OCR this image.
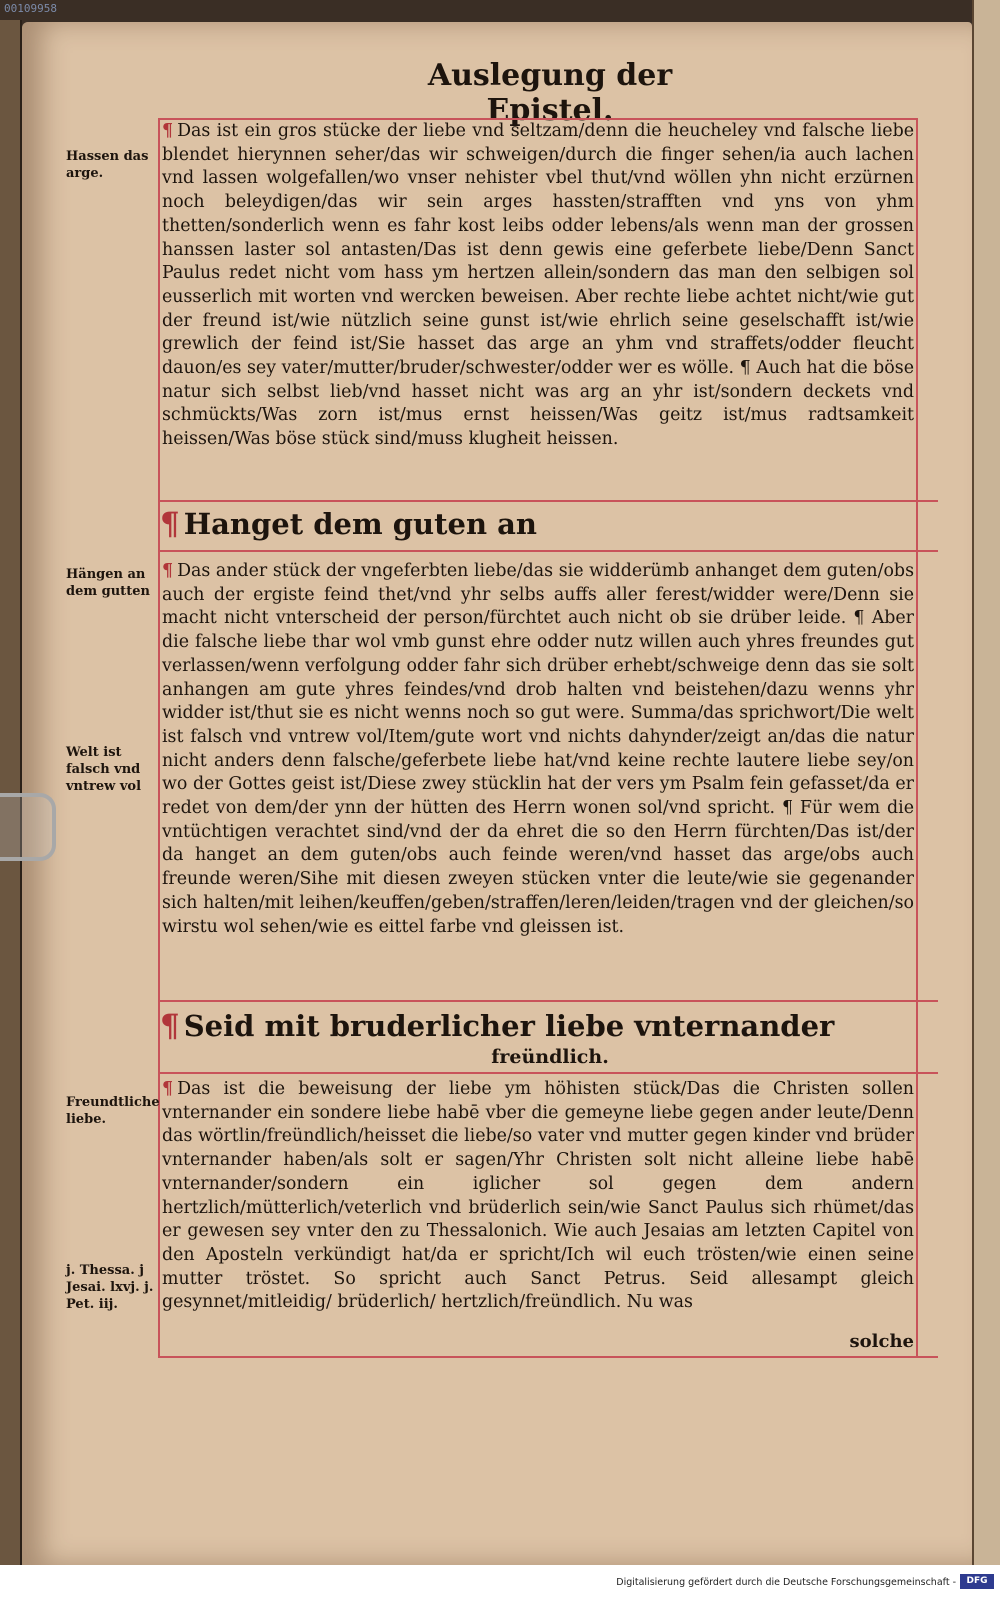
00109958
Auslegung der Epistel.
Hassen das arge.
Hängen an dem gutten
Welt ist falsch vnd vntrew vol
Freundtliche liebe.
j. Thessa. j Jesai. lxvj. j. Pet. iij.
¶ Das ist ein gros stücke der liebe vnd seltzam/denn die heucheley vnd falsche liebe blendet hierynnen seher/das wir schweigen/durch die finger sehen/ia auch lachen vnd lassen wolgefallen/wo vnser nehister vbel thut/vnd wöllen yhn nicht erzürnen noch beleydigen/das wir sein arges hassten/strafften vnd yns von yhm thetten/sonderlich wenn es fahr kost leibs odder lebens/als wenn man der grossen hanssen laster sol antasten/Das ist denn gewis eine geferbete liebe/Denn Sanct Paulus redet nicht vom hass ym hertzen allein/sondern das man den selbigen sol eusserlich mit worten vnd wercken beweisen. Aber rechte liebe achtet nicht/wie gut der freund ist/wie nützlich seine gunst ist/wie ehrlich seine geselschafft ist/wie grewlich der feind ist/Sie hasset das arge an yhm vnd straffets/odder fleucht dauon/es sey vater/mutter/bruder/schwester/odder wer es wölle. ¶ Auch hat die böse natur sich selbst lieb/vnd hasset nicht was arg an yhr ist/sondern deckets vnd schmückts/Was zorn ist/mus ernst heissen/Was geitz ist/mus radtsamkeit heissen/Was böse stück sind/muss klugheit heissen.
¶ Hanget dem guten an
¶ Das ander stück der vngeferbten liebe/das sie widderümb anhanget dem guten/obs auch der ergiste feind thet/vnd yhr selbs auffs aller ferest/widder were/Denn sie macht nicht vnterscheid der person/fürchtet auch nicht ob sie drüber leide. ¶ Aber die falsche liebe thar wol vmb gunst ehre odder nutz willen auch yhres freundes gut verlassen/wenn verfolgung odder fahr sich drüber erhebt/schweige denn das sie solt anhangen am gute yhres feindes/vnd drob halten vnd beistehen/dazu wenns yhr widder ist/thut sie es nicht wenns noch so gut were. Summa/das sprichwort/Die welt ist falsch vnd vntrew vol/Item/gute wort vnd nichts dahynder/zeigt an/das die natur nicht anders denn falsche/geferbete liebe hat/vnd keine rechte lautere liebe sey/on wo der Gottes geist ist/Diese zwey stücklin hat der vers ym Psalm fein gefasset/da er redet von dem/der ynn der hütten des Herrn wonen sol/vnd spricht. ¶ Für wem die vntüchtigen verachtet sind/vnd der da ehret die so den Herrn fürchten/Das ist/der da hanget an dem guten/obs auch feinde weren/vnd hasset das arge/obs auch freunde weren/Sihe mit diesen zweyen stücken vnter die leute/wie sie gegenander sich halten/mit leihen/keuffen/geben/straffen/leren/leiden/tragen vnd der gleichen/so wirstu wol sehen/wie es eittel farbe vnd gleissen ist.
¶ Seid mit bruderlicher liebe vnternander
freündlich.
¶ Das ist die beweisung der liebe ym höhisten stück/Das die Christen sollen vnternander ein sondere liebe habē vber die gemeyne liebe gegen ander leute/Denn das wörtlin/freündlich/heisset die liebe/so vater vnd mutter gegen kinder vnd brüder vnternander haben/als solt er sagen/Yhr Christen solt nicht alleine liebe habē vnternander/sondern ein iglicher sol gegen dem andern hertzlich/mütterlich/veterlich vnd brüderlich sein/wie Sanct Paulus sich rhümet/das er gewesen sey vnter den zu Thessalonich. Wie auch Jesaias am letzten Capitel von den Aposteln verkündigt hat/da er spricht/Ich wil euch trösten/wie einen seine mutter tröstet. So spricht auch Sanct Petrus. Seid allesampt gleich gesynnet/mitleidig/ brüderlich/ hertzlich/freündlich. Nu was
solche
Digitalisierung gefördert durch die Deutsche Forschungsgemeinschaft -	DFG
